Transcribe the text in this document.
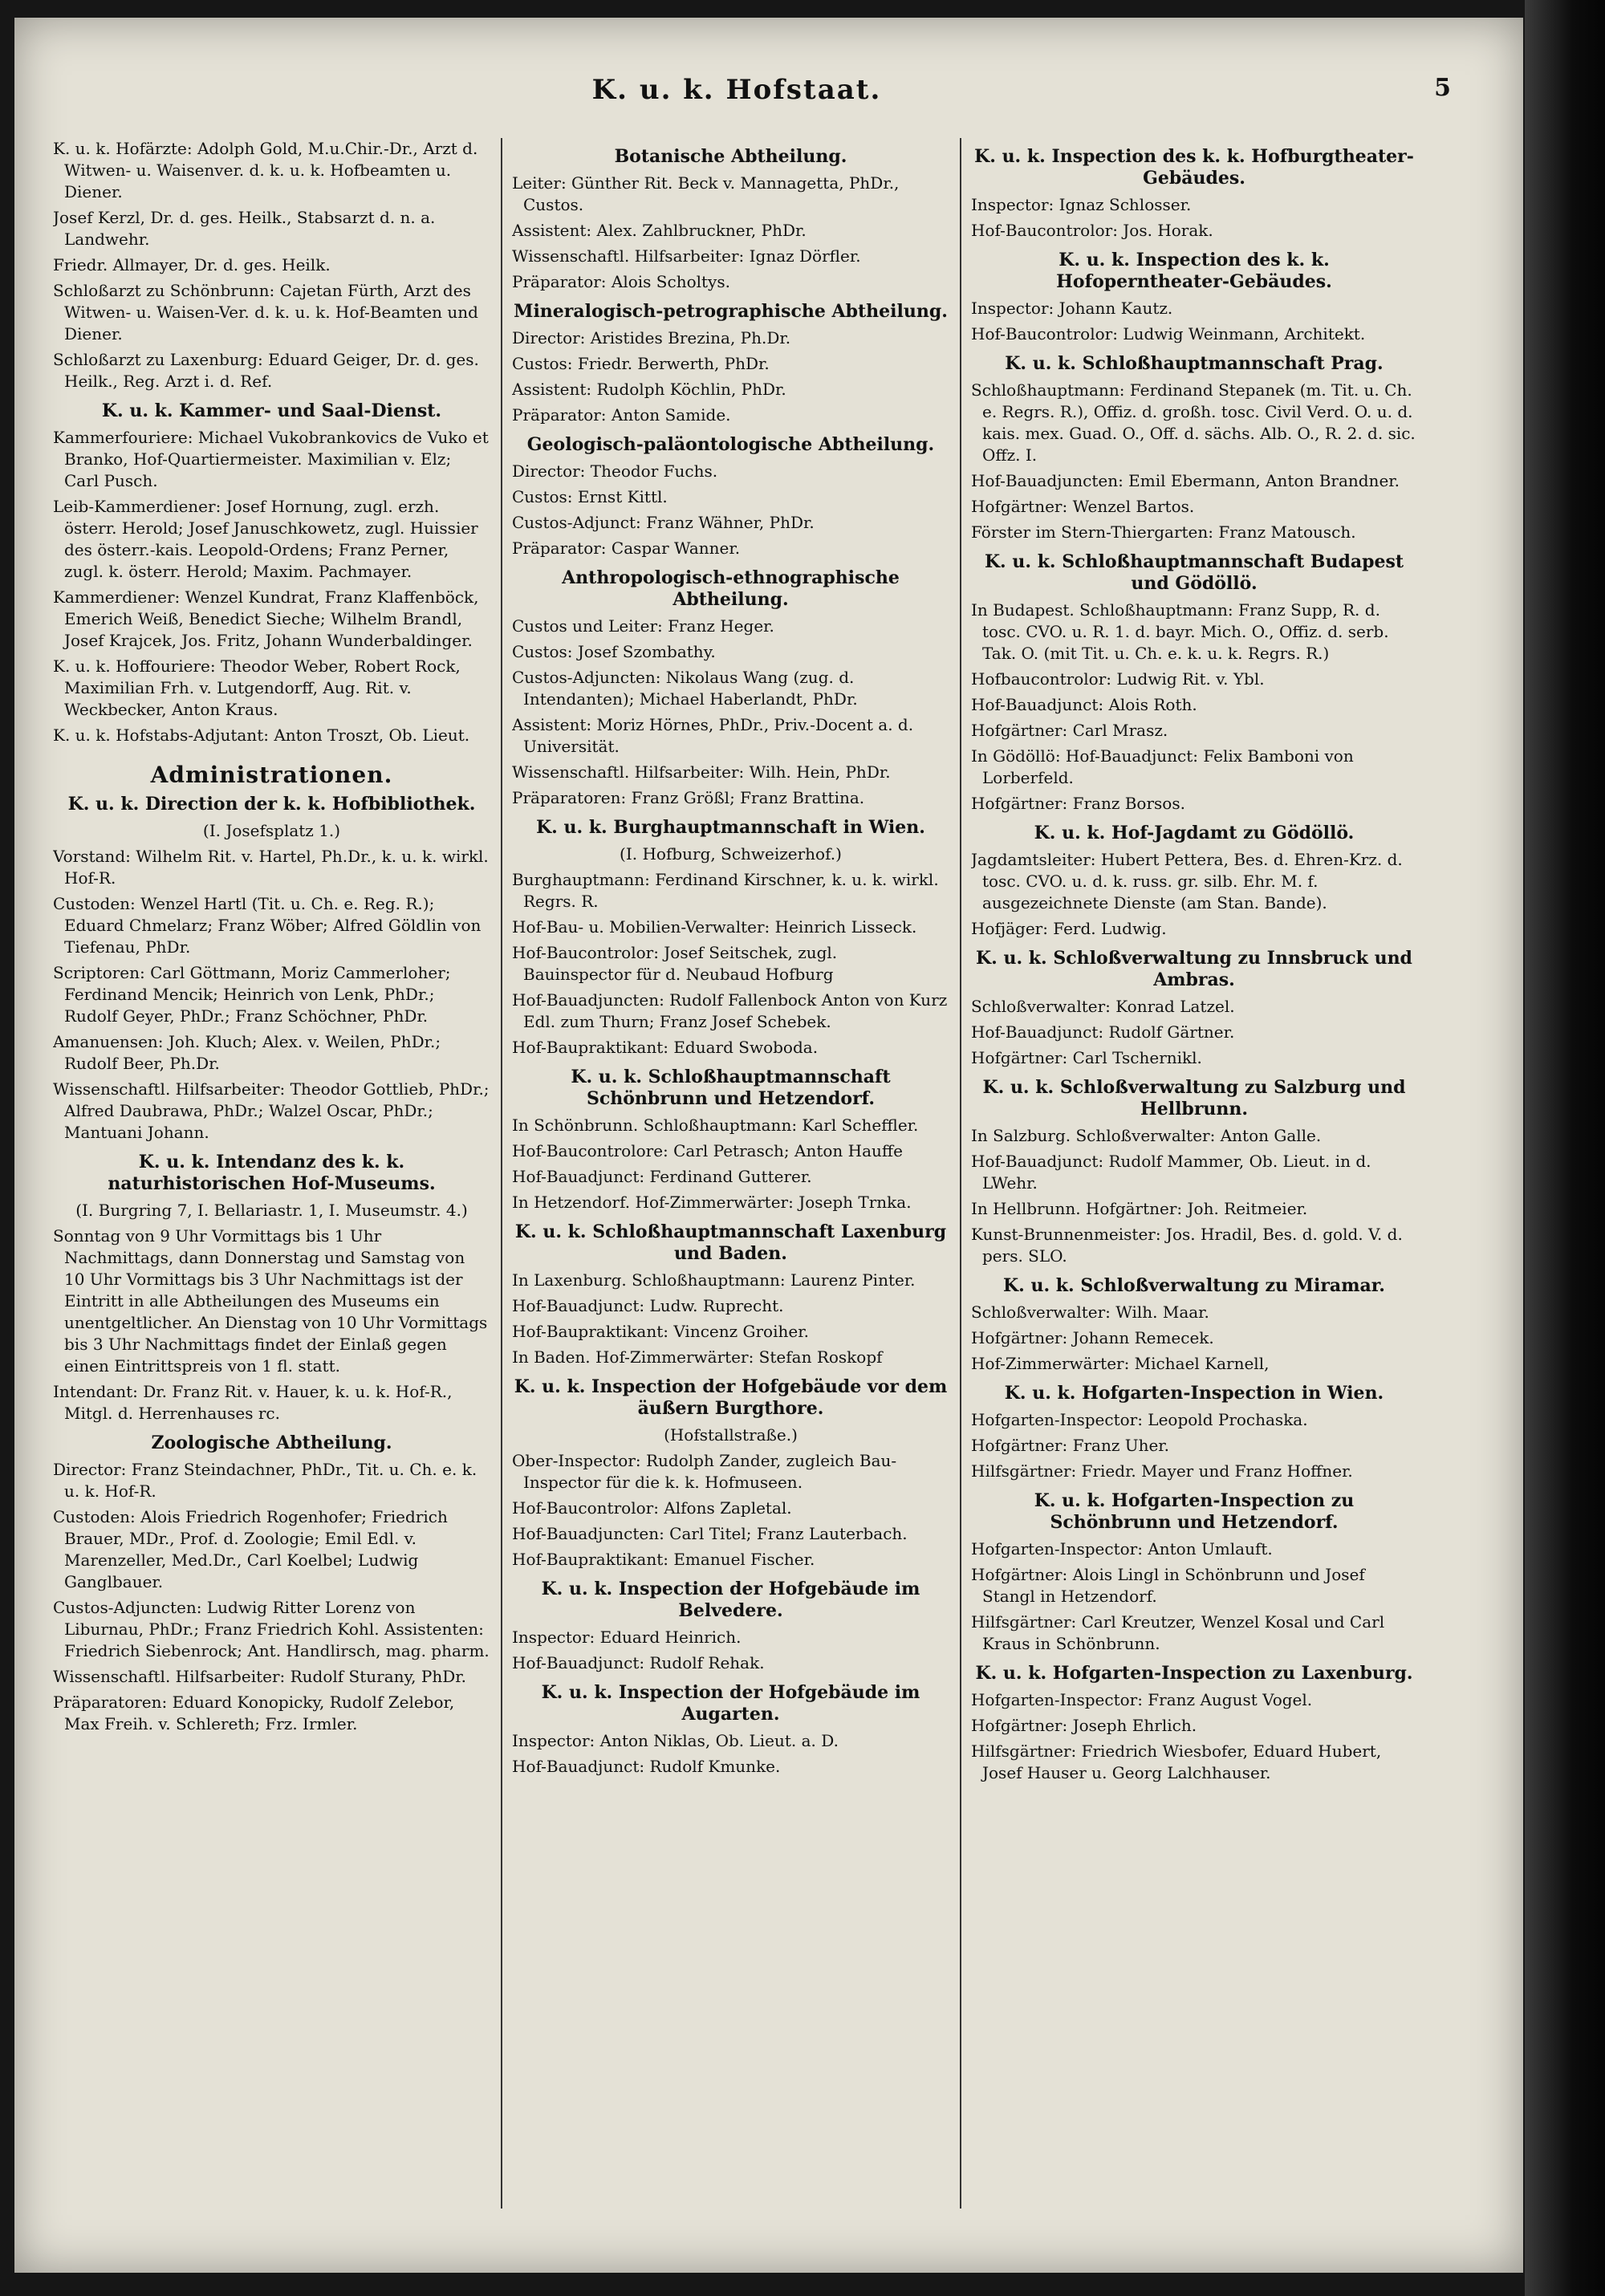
K. u. k. Hofstaat.	5

K. u. k. Hofärzte: Adolph Gold, M.u.Chir.-Dr., Arzt d. Witwen- u. Waisenver. d. k. u. k. Hofbeamten u. Diener.

Josef Kerzl, Dr. d. ges. Heilk., Stabsarzt d. n. a. Landwehr.

Friedr. Allmayer, Dr. d. ges. Heilk.

Schloßarzt zu Schönbrunn: Cajetan Fürth, Arzt des Witwen- u. Waisen-Ver. d. k. u. k. Hof-Beamten und Diener.

Schloßarzt zu Laxenburg: Eduard Geiger, Dr. d. ges. Heilk., Reg. Arzt i. d. Ref.

K. u. k. Kammer- und Saal-Dienst.

Kammerfouriere: Michael Vukobrankovics de Vuko et Branko, Hof-Quartiermeister. Maximilian v. Elz; Carl Pusch.

Leib-Kammerdiener: Josef Hornung, zugl. erzh. österr. Herold; Josef Januschkowetz, zugl. Huissier des österr.-kais. Leopold-Ordens; Franz Perner, zugl. k. österr. Herold; Maxim. Pachmayer.

Kammerdiener: Wenzel Kundrat, Franz Klaffenböck, Emerich Weiß, Benedict Sieche; Wilhelm Brandl, Josef Krajcek, Jos. Fritz, Johann Wunderbaldinger.

K. u. k. Hoffouriere: Theodor Weber, Robert Rock, Maximilian Frh. v. Lutgendorff, Aug. Rit. v. Weckbecker, Anton Kraus.

K. u. k. Hofstabs-Adjutant: Anton Troszt, Ob. Lieut.

Administrationen.
K. u. k. Direction der k. k. Hofbibliothek.
(I. Josefsplatz 1.)

Vorstand: Wilhelm Rit. v. Hartel, Ph.Dr., k. u. k. wirkl. Hof-R.

Custoden: Wenzel Hartl (Tit. u. Ch. e. Reg. R.); Eduard Chmelarz; Franz Wöber; Alfred Göldlin von Tiefenau, PhDr.

Scriptoren: Carl Göttmann, Moriz Cammerloher; Ferdinand Mencik; Heinrich von Lenk, PhDr.; Rudolf Geyer, PhDr.; Franz Schöchner, PhDr.

Amanuensen: Joh. Kluch; Alex. v. Weilen, PhDr.; Rudolf Beer, Ph.Dr.

Wissenschaftl. Hilfsarbeiter: Theodor Gottlieb, PhDr.; Alfred Daubrawa, PhDr.; Walzel Oscar, PhDr.; Mantuani Johann.

K. u. k. Intendanz des k. k. naturhistorischen Hof-Museums.
(I. Burgring 7, I. Bellariastr. 1, I. Museumstr. 4.)

Sonntag von 9 Uhr Vormittags bis 1 Uhr Nachmittags, dann Donnerstag und Samstag von 10 Uhr Vormittags bis 3 Uhr Nachmittags ist der Eintritt in alle Abtheilungen des Museums ein unentgeltlicher. An Dienstag von 10 Uhr Vormittags bis 3 Uhr Nachmittags findet der Einlaß gegen einen Eintrittspreis von 1 fl. statt.

Intendant: Dr. Franz Rit. v. Hauer, k. u. k. Hof-R., Mitgl. d. Herrenhauses rc.

Zoologische Abtheilung.

Director: Franz Steindachner, PhDr., Tit. u. Ch. e. k. u. k. Hof-R.

Custoden: Alois Friedrich Rogenhofer; Friedrich Brauer, MDr., Prof. d. Zoologie; Emil Edl. v. Marenzeller, Med.Dr., Carl Koelbel; Ludwig Ganglbauer.

Custos-Adjuncten: Ludwig Ritter Lorenz von Liburnau, PhDr.; Franz Friedrich Kohl. Assistenten: Friedrich Siebenrock; Ant. Handlirsch, mag. pharm.

Wissenschaftl. Hilfsarbeiter: Rudolf Sturany, PhDr.

Präparatoren: Eduard Konopicky, Rudolf Zelebor, Max Freih. v. Schlereth; Frz. Irmler.

Botanische Abtheilung.

Leiter: Günther Rit. Beck v. Mannagetta, PhDr., Custos.

Assistent: Alex. Zahlbruckner, PhDr.

Wissenschaftl. Hilfsarbeiter: Ignaz Dörfler.

Präparator: Alois Scholtys.

Mineralogisch-petrographische Abtheilung.

Director: Aristides Brezina, Ph.Dr.

Custos: Friedr. Berwerth, PhDr.

Assistent: Rudolph Köchlin, PhDr.

Präparator: Anton Samide.

Geologisch-paläontologische Abtheilung.

Director: Theodor Fuchs.

Custos: Ernst Kittl.

Custos-Adjunct: Franz Wähner, PhDr.

Präparator: Caspar Wanner.

Anthropologisch-ethnographische Abtheilung.

Custos und Leiter: Franz Heger.

Custos: Josef Szombathy.

Custos-Adjuncten: Nikolaus Wang (zug. d. Intendanten); Michael Haberlandt, PhDr.

Assistent: Moriz Hörnes, PhDr., Priv.-Docent a. d. Universität.

Wissenschaftl. Hilfsarbeiter: Wilh. Hein, PhDr.

Präparatoren: Franz Größl; Franz Brattina.

K. u. k. Burghauptmannschaft in Wien.
(I. Hofburg, Schweizerhof.)

Burghauptmann: Ferdinand Kirschner, k. u. k. wirkl. Regrs. R.

Hof-Bau- u. Mobilien-Verwalter: Heinrich Lisseck.

Hof-Baucontrolor: Josef Seitschek, zugl. Bauinspector für d. Neubaud Hofburg

Hof-Bauadjuncten: Rudolf Fallenbock Anton von Kurz Edl. zum Thurn; Franz Josef Schebek.

Hof-Baupraktikant: Eduard Swoboda.

K. u. k. Schloßhauptmannschaft Schönbrunn und Hetzendorf.

In Schönbrunn. Schloßhauptmann: Karl Scheffler.

Hof-Baucontrolore: Carl Petrasch; Anton Hauffe

Hof-Bauadjunct: Ferdinand Gutterer.

In Hetzendorf. Hof-Zimmerwärter: Joseph Trnka.

K. u. k. Schloßhauptmannschaft Laxenburg und Baden.

In Laxenburg. Schloßhauptmann: Laurenz Pinter.

Hof-Bauadjunct: Ludw. Ruprecht.

Hof-Baupraktikant: Vincenz Groiher.

In Baden. Hof-Zimmerwärter: Stefan Roskopf

K. u. k. Inspection der Hofgebäude vor dem äußern Burgthore.
(Hofstallstraße.)

Ober-Inspector: Rudolph Zander, zugleich Bau-Inspector für die k. k. Hofmuseen.

Hof-Baucontrolor: Alfons Zapletal.

Hof-Bauadjuncten: Carl Titel; Franz Lauterbach.

Hof-Baupraktikant: Emanuel Fischer.

K. u. k. Inspection der Hofgebäude im Belvedere.

Inspector: Eduard Heinrich.

Hof-Bauadjunct: Rudolf Rehak.

K. u. k. Inspection der Hofgebäude im Augarten.

Inspector: Anton Niklas, Ob. Lieut. a. D.

Hof-Bauadjunct: Rudolf Kmunke.

K. u. k. Inspection des k. k. Hofburgtheater-Gebäudes.

Inspector: Ignaz Schlosser.

Hof-Baucontrolor: Jos. Horak.

K. u. k. Inspection des k. k. Hofoperntheater-Gebäudes.

Inspector: Johann Kautz.

Hof-Baucontrolor: Ludwig Weinmann, Architekt.

K. u. k. Schloßhauptmannschaft Prag.

Schloßhauptmann: Ferdinand Stepanek (m. Tit. u. Ch. e. Regrs. R.), Offiz. d. großh. tosc. Civil Verd. O. u. d. kais. mex. Guad. O., Off. d. sächs. Alb. O., R. 2. d. sic. Offz. I.

Hof-Bauadjuncten: Emil Ebermann, Anton Brandner.

Hofgärtner: Wenzel Bartos.

Förster im Stern-Thiergarten: Franz Matousch.

K. u. k. Schloßhauptmannschaft Budapest und Gödöllö.

In Budapest. Schloßhauptmann: Franz Supp, R. d. tosc. CVO. u. R. 1. d. bayr. Mich. O., Offiz. d. serb. Tak. O. (mit Tit. u. Ch. e. k. u. k. Regrs. R.)

Hofbaucontrolor: Ludwig Rit. v. Ybl.

Hof-Bauadjunct: Alois Roth.

Hofgärtner: Carl Mrasz.

In Gödöllö: Hof-Bauadjunct: Felix Bamboni von Lorberfeld.

Hofgärtner: Franz Borsos.

K. u. k. Hof-Jagdamt zu Gödöllö.

Jagdamtsleiter: Hubert Pettera, Bes. d. Ehren-Krz. d. tosc. CVO. u. d. k. russ. gr. silb. Ehr. M. f. ausgezeichnete Dienste (am Stan. Bande).

Hofjäger: Ferd. Ludwig.

K. u. k. Schloßverwaltung zu Innsbruck und Ambras.

Schloßverwalter: Konrad Latzel.

Hof-Bauadjunct: Rudolf Gärtner.

Hofgärtner: Carl Tschernikl.

K. u. k. Schloßverwaltung zu Salzburg und Hellbrunn.

In Salzburg. Schloßverwalter: Anton Galle.

Hof-Bauadjunct: Rudolf Mammer, Ob. Lieut. in d. LWehr.

In Hellbrunn. Hofgärtner: Joh. Reitmeier.

Kunst-Brunnenmeister: Jos. Hradil, Bes. d. gold. V. d. pers. SLO.

K. u. k. Schloßverwaltung zu Miramar.

Schloßverwalter: Wilh. Maar.

Hofgärtner: Johann Remecek.

Hof-Zimmerwärter: Michael Karnell,

K. u. k. Hofgarten-Inspection in Wien.

Hofgarten-Inspector: Leopold Prochaska.

Hofgärtner: Franz Uher.

Hilfsgärtner: Friedr. Mayer und Franz Hoffner.

K. u. k. Hofgarten-Inspection zu Schönbrunn und Hetzendorf.

Hofgarten-Inspector: Anton Umlauft.

Hofgärtner: Alois Lingl in Schönbrunn und Josef Stangl in Hetzendorf.

Hilfsgärtner: Carl Kreutzer, Wenzel Kosal und Carl Kraus in Schönbrunn.

K. u. k. Hofgarten-Inspection zu Laxenburg.

Hofgarten-Inspector: Franz August Vogel.

Hofgärtner: Joseph Ehrlich.

Hilfsgärtner: Friedrich Wiesbofer, Eduard Hubert, Josef Hauser u. Georg Lalchhauser.
